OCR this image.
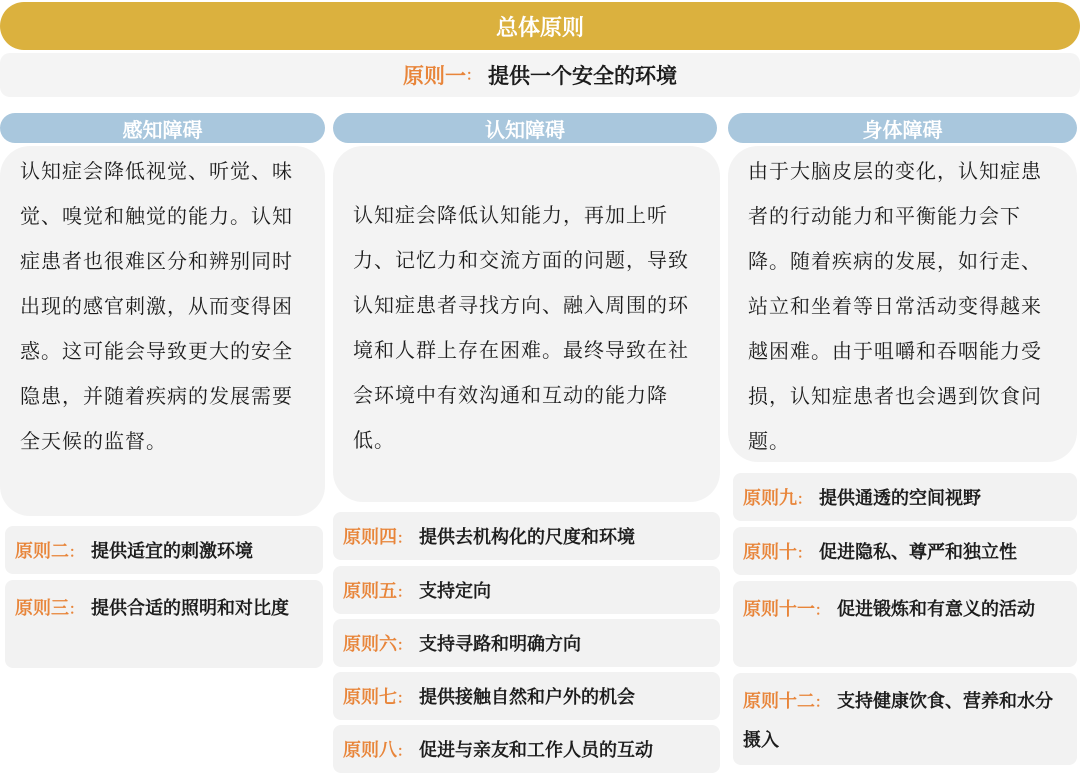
总体原则
原则一 ： 提供一个安全的环境
感知障碍
认知症会降低视觉、听觉、味觉、嗅觉和触觉的能力。认知症患者也很难区分和辨别同时出现的感官刺激，从而变得困惑。这可能会导致更大的安全隐患，并随着疾病的发展需要全天候的监督。
原则二： 提供适宜的刺激环境
原则三： 提供合适的照明和对比度
认知障碍
认知症会降低认知能力，再加上听力、记忆力和交流方面的问题，导致认知症患者寻找方向、融入周围的环境和人群上存在困难。最终导致在社会环境中有效沟通和互动的能力降低。
原则四： 提供去机构化的尺度和环境
原则五： 支持定向
原则六： 支持寻路和明确方向
原则七： 提供接触自然和户外的机会
原则八： 促进与亲友和工作人员的互动
身体障碍
由于大脑皮层的变化，认知症患者的行动能力和平衡能力会下降。随着疾病的发展，如行走、站立和坐着等日常活动变得越来越困难。由于咀嚼和吞咽能力受损，认知症患者也会遇到饮食问题。
原则九： 提供通透的空间视野
原则十： 促进隐私、尊严和独立性
原则十一： 促进锻炼和有意义的活动
原则十二： 支持健康饮食、营养和水分摄入
